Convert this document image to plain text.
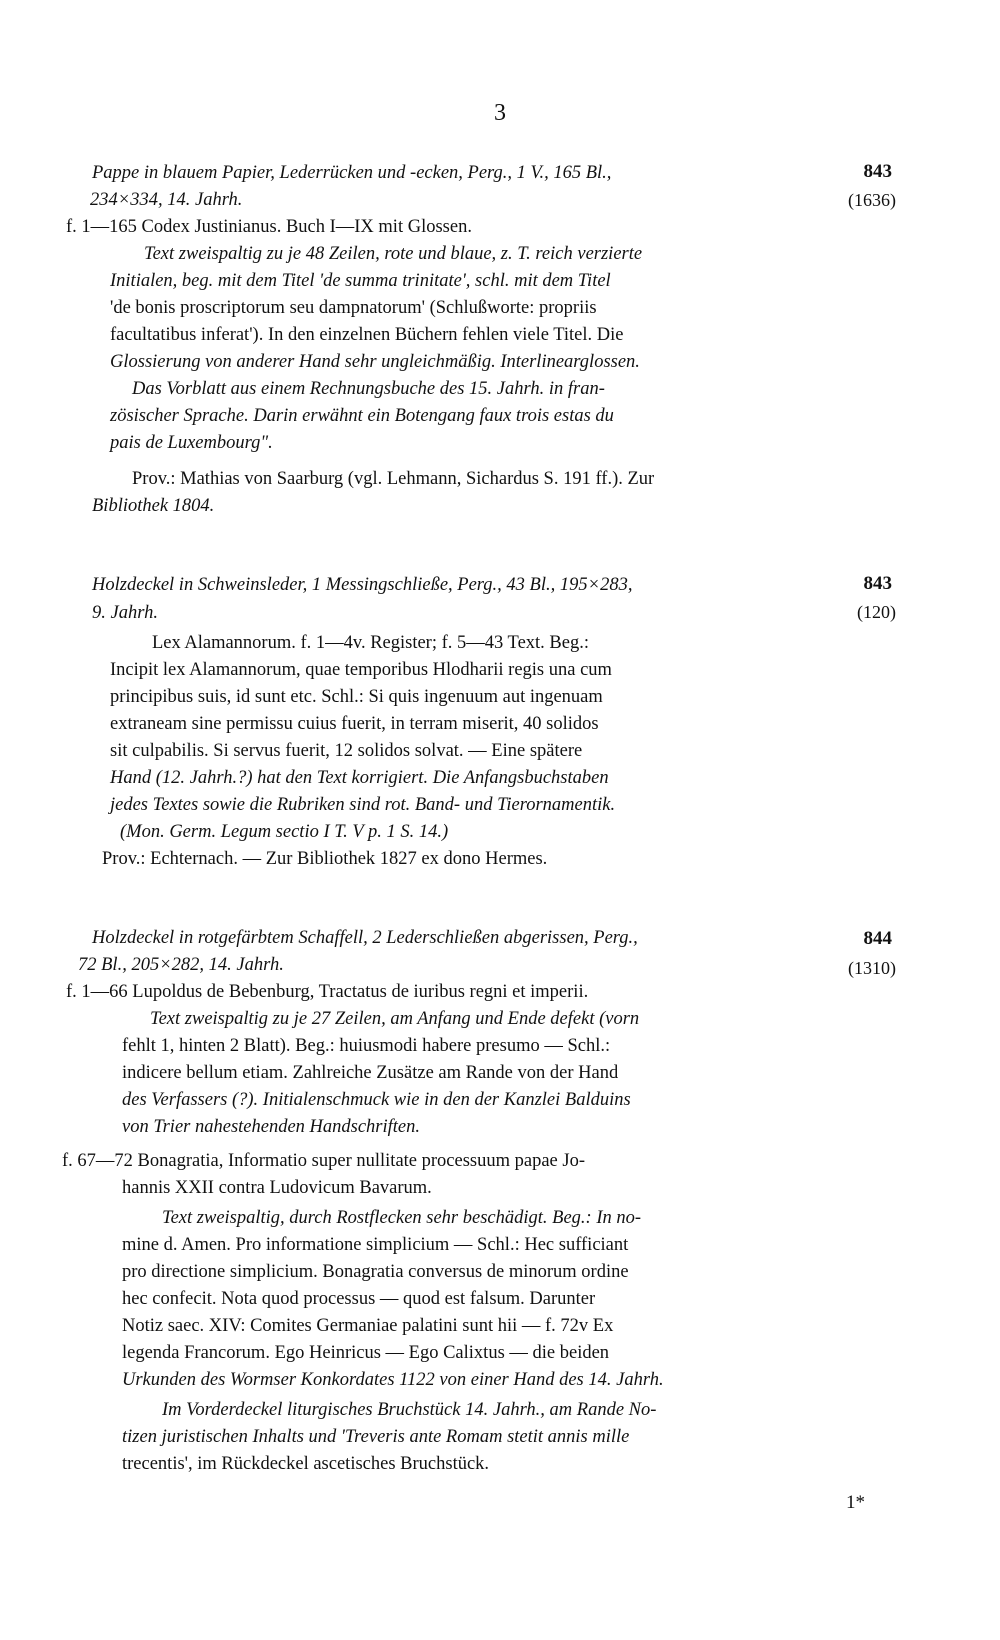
3
843
(1636)
Pappe in blauem Papier, Lederrücken und -ecken, Perg., 1 V., 165 Bl.,
234×334, 14. Jahrh.
f. 1—165 Codex Justinianus. Buch I—IX mit Glossen.
Text zweispaltig zu je 48 Zeilen, rote und blaue, z. T. reich verzierte
Initialen, beg. mit dem Titel 'de summa trinitate', schl. mit dem Titel
'de bonis proscriptorum seu dampnatorum' (Schlußworte: propriis
facultatibus inferat'). In den einzelnen Büchern fehlen viele Titel. Die
Glossierung von anderer Hand sehr ungleichmäßig. Interlinearglossen.
Das Vorblatt aus einem Rechnungsbuche des 15. Jahrh. in fran-
zösischer Sprache. Darin erwähnt ein Botengang faux trois estas du
pais de Luxembourg".
Prov.: Mathias von Saarburg (vgl. Lehmann, Sichardus S. 191 ff.). Zur
Bibliothek 1804.
843
(120)
Holzdeckel in Schweinsleder, 1 Messingschließe, Perg., 43 Bl., 195×283,
9. Jahrh.
Lex Alamannorum. f. 1—4v. Register; f. 5—43 Text. Beg.:
Incipit lex Alamannorum, quae temporibus Hlodharii regis una cum
principibus suis, id sunt etc. Schl.: Si quis ingenuum aut ingenuam
extraneam sine permissu cuius fuerit, in terram miserit, 40 solidos
sit culpabilis. Si servus fuerit, 12 solidos solvat. — Eine spätere
Hand (12. Jahrh.?) hat den Text korrigiert. Die Anfangsbuchstaben
jedes Textes sowie die Rubriken sind rot. Band- und Tierornamentik.
(Mon. Germ. Legum sectio I T. V p. 1 S. 14.)
Prov.: Echternach. — Zur Bibliothek 1827 ex dono Hermes.
844
(1310)
Holzdeckel in rotgefärbtem Schaffell, 2 Lederschließen abgerissen, Perg.,
72 Bl., 205×282, 14. Jahrh.
f. 1—66 Lupoldus de Bebenburg, Tractatus de iuribus regni et imperii.
Text zweispaltig zu je 27 Zeilen, am Anfang und Ende defekt (vorn
fehlt 1, hinten 2 Blatt). Beg.: huiusmodi habere presumo — Schl.:
indicere bellum etiam. Zahlreiche Zusätze am Rande von der Hand
des Verfassers (?). Initialenschmuck wie in den der Kanzlei Balduins
von Trier nahestehenden Handschriften.
f. 67—72 Bonagratia, Informatio super nullitate processuum papae Jo-
hannis XXII contra Ludovicum Bavarum.
Text zweispaltig, durch Rostflecken sehr beschädigt. Beg.: In no-
mine d. Amen. Pro informatione simplicium — Schl.: Hec sufficiant
pro directione simplicium. Bonagratia conversus de minorum ordine
hec confecit. Nota quod processus — quod est falsum. Darunter
Notiz saec. XIV: Comites Germaniae palatini sunt hii — f. 72v Ex
legenda Francorum. Ego Heinricus — Ego Calixtus — die beiden
Urkunden des Wormser Konkordates 1122 von einer Hand des 14. Jahrh.
Im Vorderdeckel liturgisches Bruchstück 14. Jahrh., am Rande No-
tizen juristischen Inhalts und 'Treveris ante Romam stetit annis mille
trecentis', im Rückdeckel ascetisches Bruchstück.
1*
